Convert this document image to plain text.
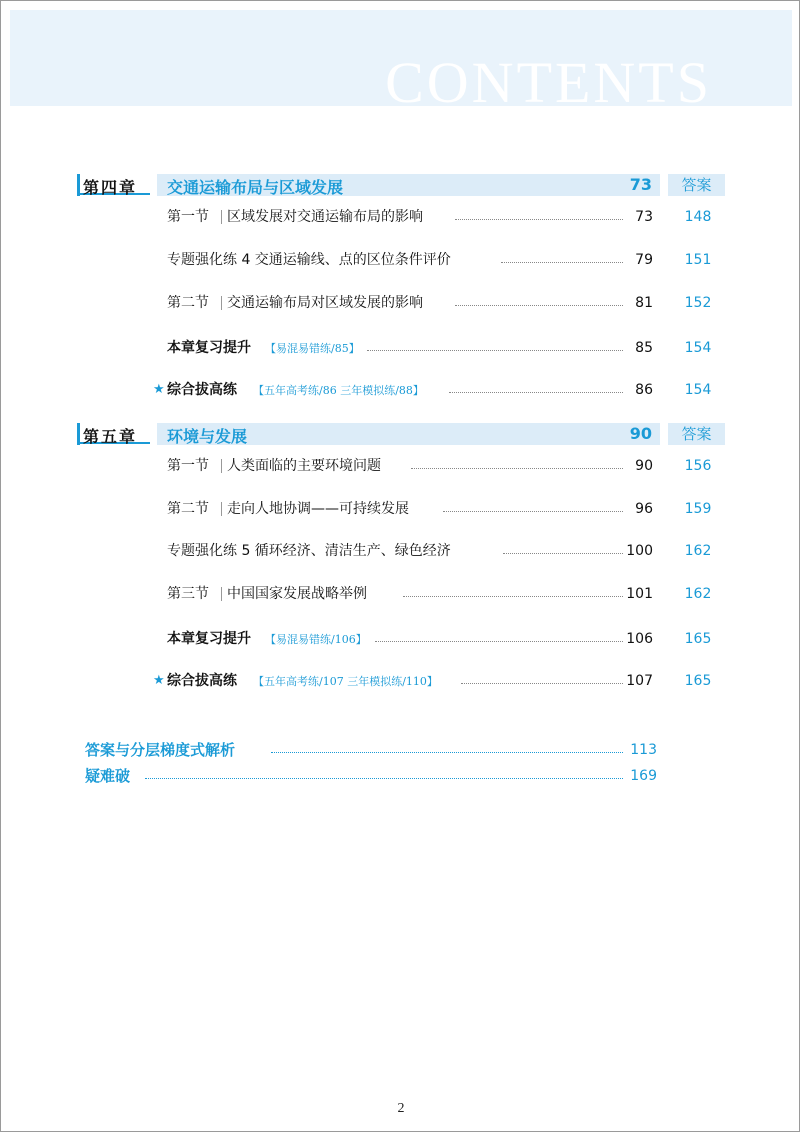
CONTENTS
第四章 交通运输布局与区域发展	73	答案
第一节 区域发展对交通运输布局的影响	73	148
专题强化练 4 交通运输线、点的区位条件评价	79	151
第二节 交通运输布局对区域发展的影响	81	152
本章复习提升 【易混易错练/85】	85	154
★ 综合拔高练 【五年高考练/86 三年模拟练/88】	86	154
第五章 环境与发展	90	答案
第一节 人类面临的主要环境问题	90	156
第二节 走向人地协调——可持续发展	96	159
专题强化练 5 循环经济、清洁生产、绿色经济	100	162
第三节 中国国家发展战略举例	101	162
本章复习提升 【易混易错练/106】	106	165
★ 综合拔高练 【五年高考练/107 三年模拟练/110】	107	165
答案与分层梯度式解析	113
疑难破	169
2
